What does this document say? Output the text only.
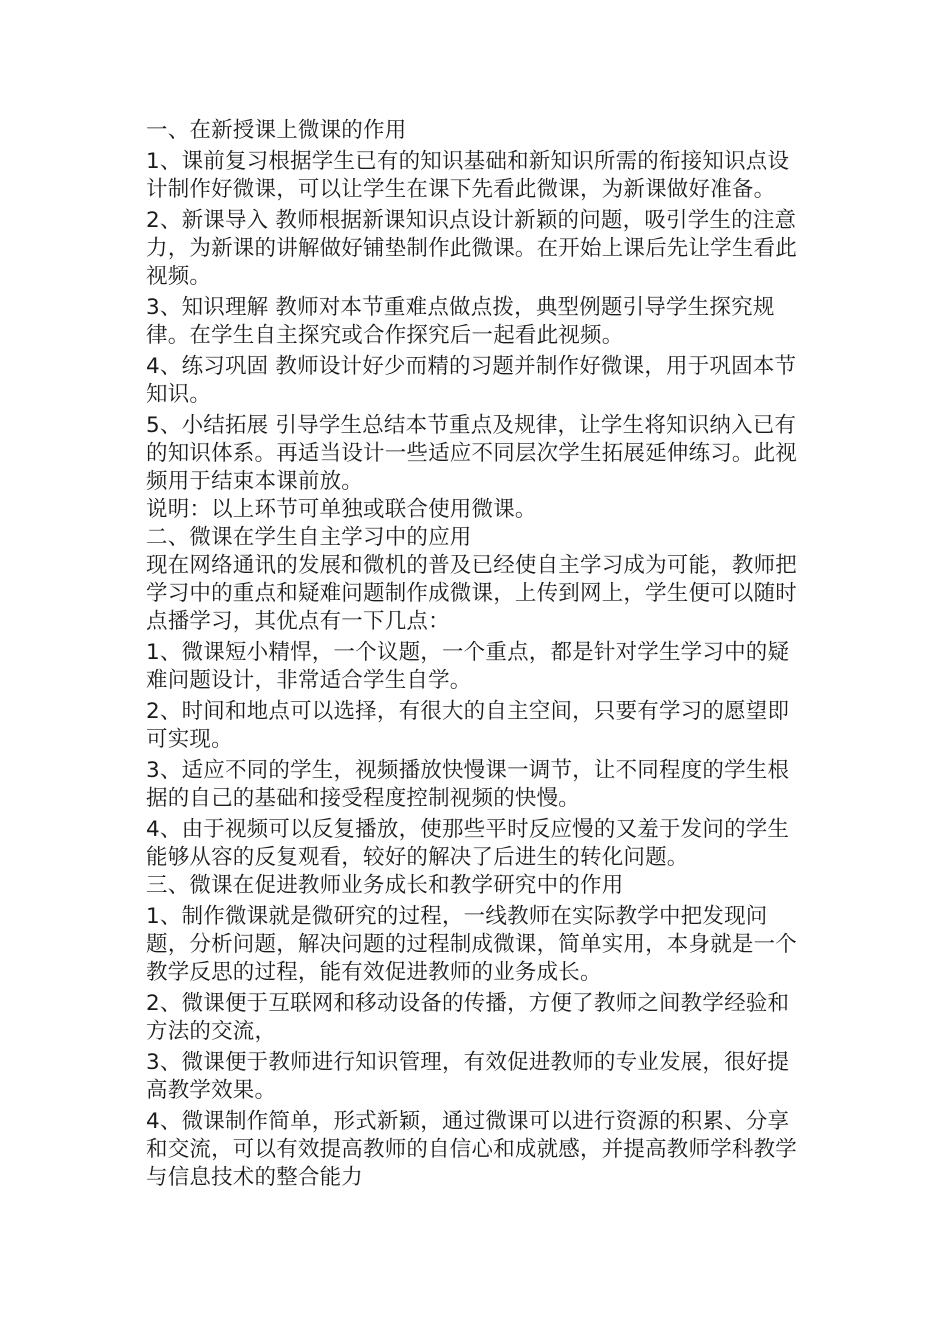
一、在新授课上微课的作用

1、课前复习根据学生已有的知识基础和新知识所需的衔接知识点设计制作好微课，可以让学生在课下先看此微课，为新课做好准备。

2、新课导入 教师根据新课知识点设计新颖的问题，吸引学生的注意力，为新课的讲解做好铺垫制作此微课。在开始上课后先让学生看此视频。

3、知识理解 教师对本节重难点做点拨，典型例题引导学生探究规律。在学生自主探究或合作探究后一起看此视频。

4、练习巩固 教师设计好少而精的习题并制作好微课，用于巩固本节知识。

5、小结拓展 引导学生总结本节重点及规律，让学生将知识纳入已有的知识体系。再适当设计一些适应不同层次学生拓展延伸练习。此视频用于结束本课前放。

说明：以上环节可单独或联合使用微课。

二、微课在学生自主学习中的应用

现在网络通讯的发展和微机的普及已经使自主学习成为可能，教师把学习中的重点和疑难问题制作成微课，上传到网上，学生便可以随时点播学习，其优点有一下几点：

1、微课短小精悍，一个议题，一个重点，都是针对学生学习中的疑难问题设计，非常适合学生自学。

2、时间和地点可以选择，有很大的自主空间，只要有学习的愿望即可实现。

3、适应不同的学生，视频播放快慢课一调节，让不同程度的学生根据的自己的基础和接受程度控制视频的快慢。

4、由于视频可以反复播放，使那些平时反应慢的又羞于发问的学生能够从容的反复观看，较好的解决了后进生的转化问题。

三、微课在促进教师业务成长和教学研究中的作用

1、制作微课就是微研究的过程，一线教师在实际教学中把发现问题，分析问题，解决问题的过程制成微课，简单实用，本身就是一个教学反思的过程，能有效促进教师的业务成长。

2、微课便于互联网和移动设备的传播，方便了教师之间教学经验和方法的交流，

3、微课便于教师进行知识管理，有效促进教师的专业发展，很好提高教学效果。

4、微课制作简单，形式新颖，通过微课可以进行资源的积累、分享和交流，可以有效提高教师的自信心和成就感，并提高教师学科教学与信息技术的整合能力
